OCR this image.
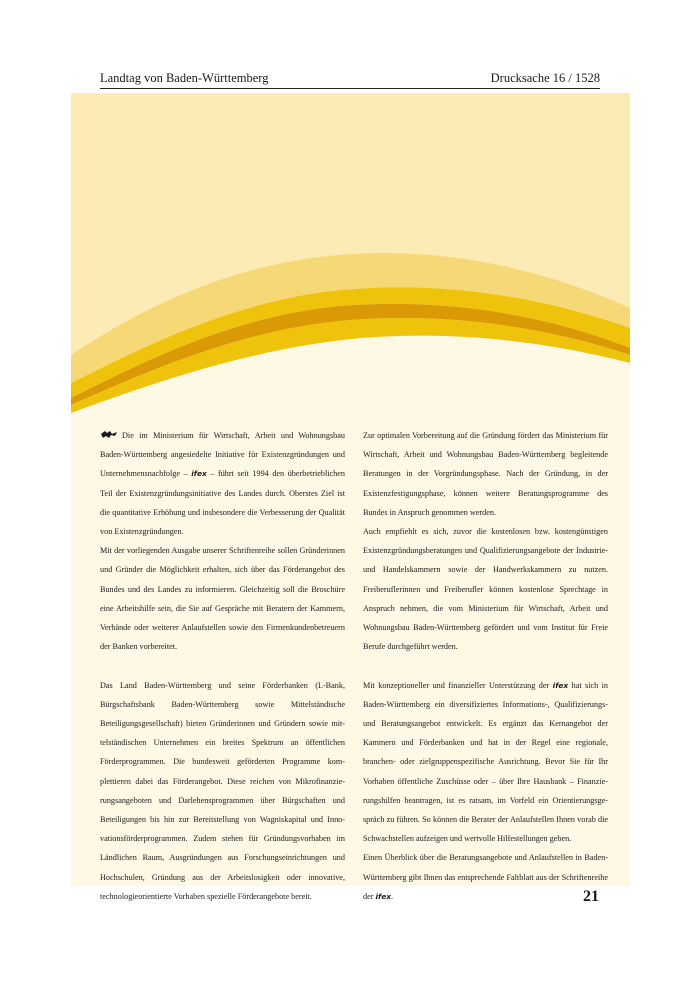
Landtag von Baden-Württemberg	Drucksache 16 / 1528

Die im Ministerium für Wirtschaft, Arbeit und Wohnungsbau Baden-Württemberg angesiedelte Initiative für Existenzgründungen und Unternehmensnachfolge – ifex – führt seit 1994 den überbetrieblichen Teil der Existenzgründungsinitiative des Landes durch. Oberstes Ziel ist die quantitative Erhöhung und insbesondere die Verbesserung der Qualität von Existenzgründungen.

Mit der vorliegenden Ausgabe unserer Schriftenreihe sollen Gründerinnen und Gründer die Möglichkeit erhalten, sich über das Förderangebot des Bundes und des Landes zu informieren. Gleichzeitig soll die Broschüre eine Arbeitshilfe sein, die Sie auf Gespräche mit Beratern der Kammern, Verbände oder weiterer Anlaufstellen sowie den Firmenkundenbetreuern der Banken vorbereitet.

Das Land Baden-Württemberg und seine Förderbanken (L-Bank, Bürgschaftsbank Baden-Württemberg sowie Mittelständische Beteiligungsgesellschaft) bieten Gründerinnen und Gründern sowie mittelständischen Unternehmen ein breites Spektrum an öffentlichen Förderprogrammen. Die bundesweit geförderten Programme komplettieren dabei das Förderangebot. Diese reichen von Mikrofinanzierungsangeboten und Darlehensprogrammen über Bürgschaften und Beteiligungen bis hin zur Bereitstellung von Wagniskapital und Innovationsförderprogrammen. Zudem stehen für Gründungsvorhaben im Ländlichen Raum, Ausgründungen aus Forschungseinrichtungen und Hochschulen, Gründung aus der Arbeitslosigkeit oder innovative, technologieorientierte Vorhaben spezielle Förderangebote bereit.

Zur optimalen Vorbereitung auf die Gründung fördert das Ministerium für Wirtschaft, Arbeit und Wohnungsbau Baden-Württemberg begleitende Beratungen in der Vorgründungsphase. Nach der Gründung, in der Existenzfestigungsphase, können weitere Beratungsprogramme des Bundes in Anspruch genommen werden.

Auch empfiehlt es sich, zuvor die kostenlosen bzw. kostengünstigen Existenzgründungsberatungen und Qualifizierungsangebote der Industrie- und Handelskammern sowie der Handwerkskammern zu nutzen. Freiberuflerinnen und Freiberufler können kostenlose Sprechtage in Anspruch nehmen, die vom Ministerium für Wirtschaft, Arbeit und Wohnungsbau Baden-Württemberg gefördert und vom Institut für Freie Berufe durchgeführt werden.

Mit konzeptioneller und finanzieller Unterstützung der ifex hat sich in Baden-Württemberg ein diversifiziertes Informations-, Qualifizierungs- und Beratungsangebot entwickelt. Es ergänzt das Kernangebot der Kammern und Förderbanken und hat in der Regel eine regionale, branchen- oder zielgruppenspezifische Ausrichtung. Bevor Sie für Ihr Vorhaben öffentliche Zuschüsse oder – über Ihre Hausbank – Finanzierungshilfen beantragen, ist es ratsam, im Vorfeld ein Orientierungsgespräch zu führen. So können die Berater der Anlaufstellen Ihnen vorab die Schwachstellen aufzeigen und wertvolle Hilfestellungen geben.

Einen Überblick über die Beratungsangebote und Anlaufstellen in Baden-Württemberg gibt Ihnen das entsprechende Faltblatt aus der Schriftenreihe der ifex.	21
